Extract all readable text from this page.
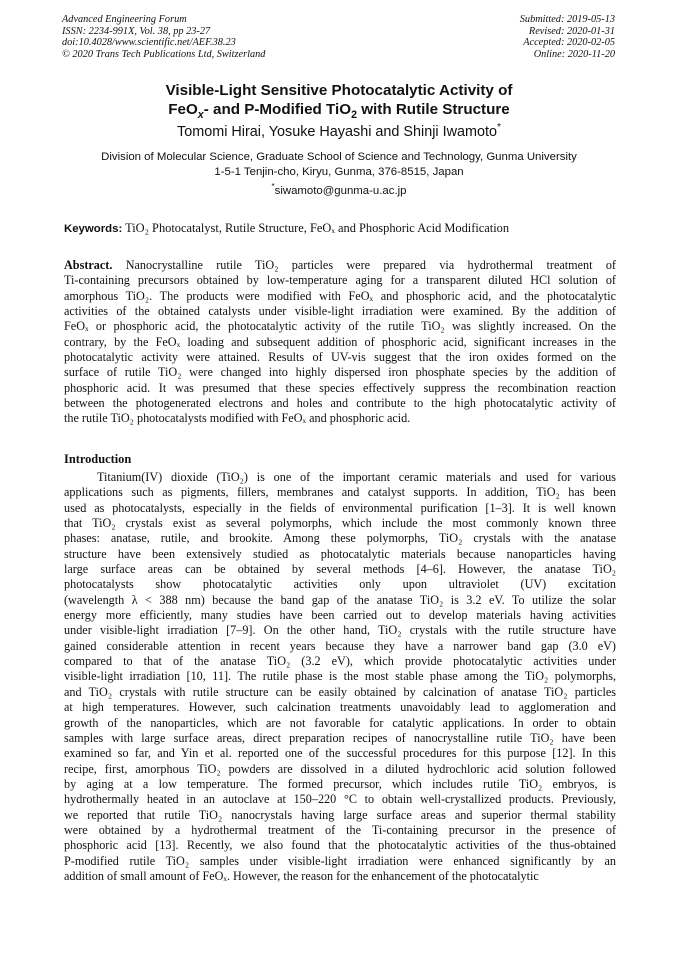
Advanced Engineering Forum
ISSN: 2234-991X, Vol. 38, pp 23-27
doi:10.4028/www.scientific.net/AEF.38.23
© 2020 Trans Tech Publications Ltd, Switzerland
Submitted: 2019-05-13
Revised: 2020-01-31
Accepted: 2020-02-05
Online: 2020-11-20
Visible-Light Sensitive Photocatalytic Activity of
FeO$_x$- and P-Modified TiO$_2$ with Rutile Structure
Tomomi Hirai, Yosuke Hayashi and Shinji Iwamoto*
Division of Molecular Science, Graduate School of Science and Technology, Gunma University
1-5-1 Tenjin-cho, Kiryu, Gunma, 376-8515, Japan
*siwamoto@gunma-u.ac.jp
Keywords: TiO₂ Photocatalyst, Rutile Structure, FeOₓ and Phosphoric Acid Modification
Abstract. Nanocrystalline rutile TiO₂ particles were prepared via hydrothermal treatment of
Ti-containing precursors obtained by low-temperature aging for a transparent diluted HCl solution of
amorphous TiO₂. The products were modified with FeOₓ and phosphoric acid, and the photocatalytic
activities of the obtained catalysts under visible-light irradiation were examined. By the addition of
FeOₓ or phosphoric acid, the photocatalytic activity of the rutile TiO₂ was slightly increased. On the
contrary, by the FeOₓ loading and subsequent addition of phosphoric acid, significant increases in the
photocatalytic activity were attained. Results of UV-vis suggest that the iron oxides formed on the
surface of rutile TiO₂ were changed into highly dispersed iron phosphate species by the addition of
phosphoric acid. It was presumed that these species effectively suppress the recombination reaction
between the photogenerated electrons and holes and contribute to the high photocatalytic activity of
the rutile TiO₂ photocatalysts modified with FeOₓ and phosphoric acid.
Introduction
Titanium(IV) dioxide (TiO₂) is one of the important ceramic materials and used for various
applications such as pigments, fillers, membranes and catalyst supports. In addition, TiO₂ has been
used as photocatalysts, especially in the fields of environmental purification [1–3]. It is well known
that TiO₂ crystals exist as several polymorphs, which include the most commonly known three
phases: anatase, rutile, and brookite. Among these polymorphs, TiO₂ crystals with the anatase
structure have been extensively studied as photocatalytic materials because nanoparticles having
large surface areas can be obtained by several methods [4–6]. However, the anatase TiO₂
photocatalysts show photocatalytic activities only upon ultraviolet (UV) excitation
(wavelength λ < 388 nm) because the band gap of the anatase TiO₂ is 3.2 eV. To utilize the solar
energy more efficiently, many studies have been carried out to develop materials having activities
under visible-light irradiation [7–9]. On the other hand, TiO₂ crystals with the rutile structure have
gained considerable attention in recent years because they have a narrower band gap (3.0 eV)
compared to that of the anatase TiO₂ (3.2 eV), which provide photocatalytic activities under
visible-light irradiation [10, 11]. The rutile phase is the most stable phase among the TiO₂ polymorphs,
and TiO₂ crystals with rutile structure can be easily obtained by calcination of anatase TiO₂ particles
at high temperatures. However, such calcination treatments unavoidably lead to agglomeration and
growth of the nanoparticles, which are not favorable for catalytic applications. In order to obtain
samples with large surface areas, direct preparation recipes of nanocrystalline rutile TiO₂ have been
examined so far, and Yin et al. reported one of the successful procedures for this purpose [12]. In this
recipe, first, amorphous TiO₂ powders are dissolved in a diluted hydrochloric acid solution followed
by aging at a low temperature. The formed precursor, which includes rutile TiO₂ embryos, is
hydrothermally heated in an autoclave at 150–220 °C to obtain well-crystallized products. Previously,
we reported that rutile TiO₂ nanocrystals having large surface areas and superior thermal stability
were obtained by a hydrothermal treatment of the Ti-containing precursor in the presence of
phosphoric acid [13]. Recently, we also found that the photocatalytic activities of the thus-obtained
P-modified rutile TiO₂ samples under visible-light irradiation were enhanced significantly by an
addition of small amount of FeOₓ. However, the reason for the enhancement of the photocatalytic
